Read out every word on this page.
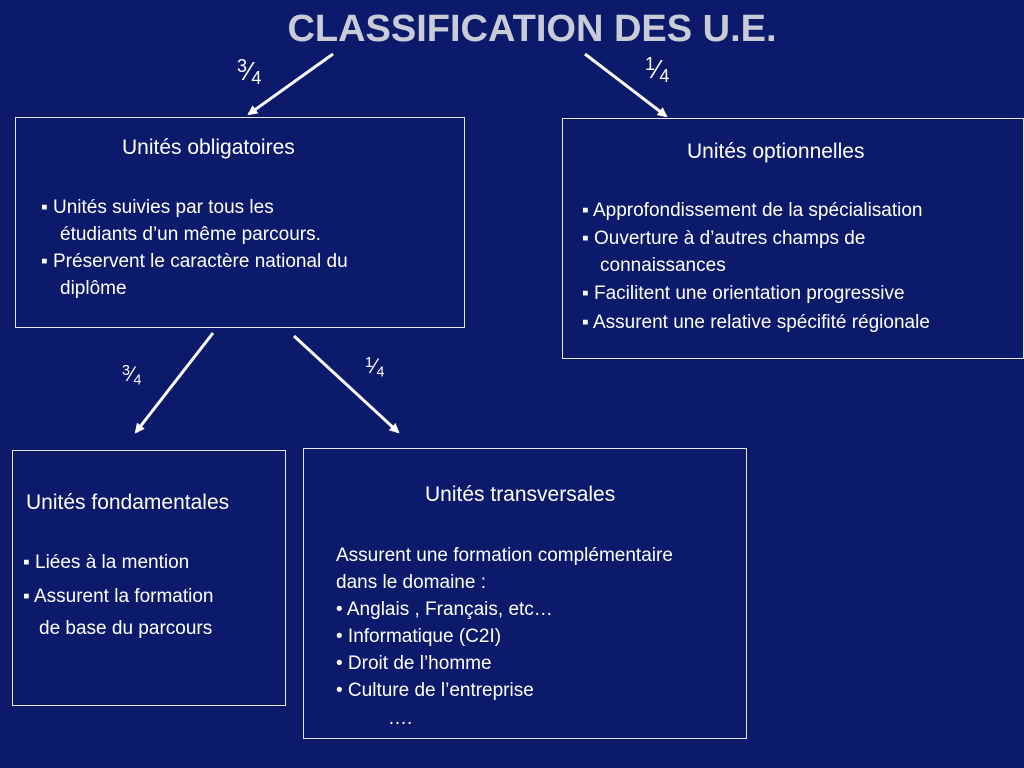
CLASSIFICATION DES U.E.
$^3$⁄4
$^1$⁄4
$^3$⁄4
$^1$⁄4
Unités obligatoires
▪ Unités suivies par tous les
étudiants d’un même parcours.
▪ Préservent le caractère national du
diplôme
Unités optionnelles
▪ Approfondissement de la spécialisation
▪ Ouverture à d’autres champs de
connaissances
▪ Facilitent une orientation progressive
▪ Assurent une relative spécifité régionale
Unités fondamentales
▪ Liées à la mention
▪ Assurent la formation
de base du parcours
Unités transversales
Assurent une formation complémentaire
dans le domaine :
• Anglais , Français, etc…
• Informatique (C2I)
• Droit de l’homme
• Culture de l’entreprise
….
